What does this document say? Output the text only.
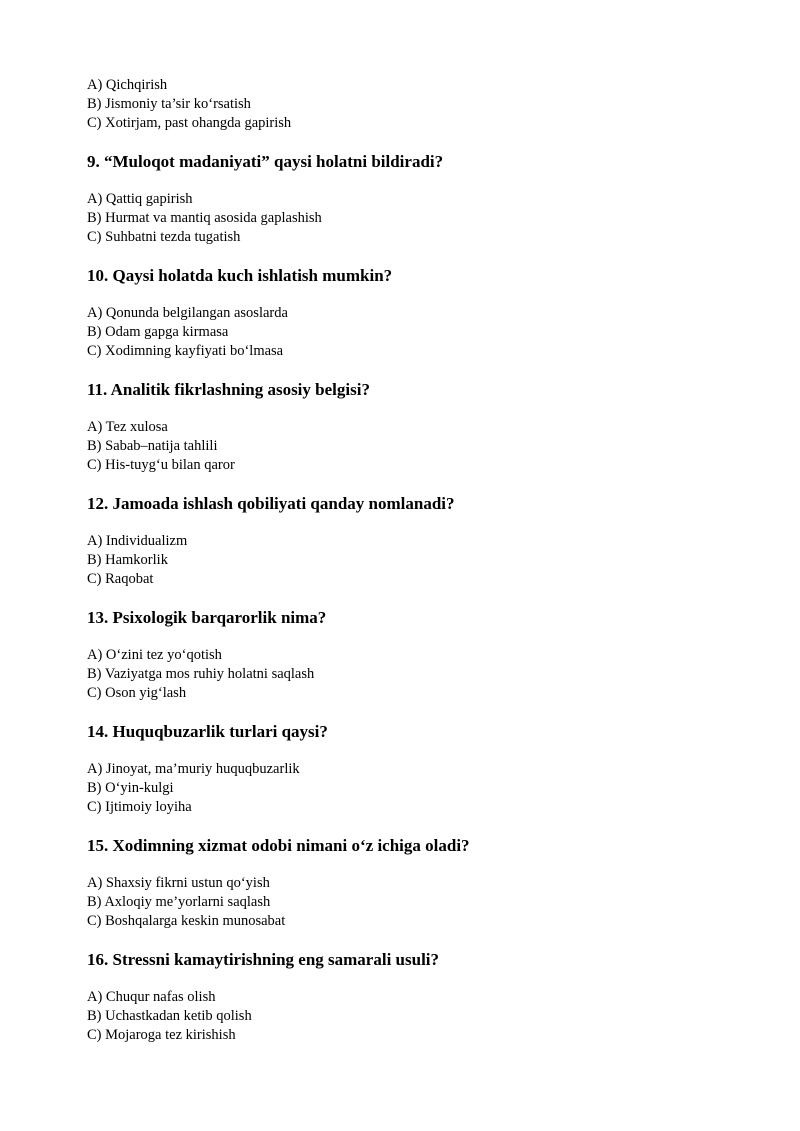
A) Qichqirish
B) Jismoniy ta’sir ko‘rsatish
C) Xotirjam, past ohangda gapirish
9. “Muloqot madaniyati” qaysi holatni bildiradi?
A) Qattiq gapirish
B) Hurmat va mantiq asosida gaplashish
C) Suhbatni tezda tugatish
10. Qaysi holatda kuch ishlatish mumkin?
A) Qonunda belgilangan asoslarda
B) Odam gapga kirmasa
C) Xodimning kayfiyati bo‘lmasa
11. Analitik fikrlashning asosiy belgisi?
A) Tez xulosa
B) Sabab–natija tahlili
C) His-tuyg‘u bilan qaror
12. Jamoada ishlash qobiliyati qanday nomlanadi?
A) Individualizm
B) Hamkorlik
C) Raqobat
13. Psixologik barqarorlik nima?
A) O‘zini tez yo‘qotish
B) Vaziyatga mos ruhiy holatni saqlash
C) Oson yig‘lash
14. Huquqbuzarlik turlari qaysi?
A) Jinoyat, ma’muriy huquqbuzarlik
B) O‘yin-kulgi
C) Ijtimoiy loyiha
15. Xodimning xizmat odobi nimani o‘z ichiga oladi?
A) Shaxsiy fikrni ustun qo‘yish
B) Axloqiy me’yorlarni saqlash
C) Boshqalarga keskin munosabat
16. Stressni kamaytirishning eng samarali usuli?
A) Chuqur nafas olish
B) Uchastkadan ketib qolish
C) Mojaroga tez kirishish
